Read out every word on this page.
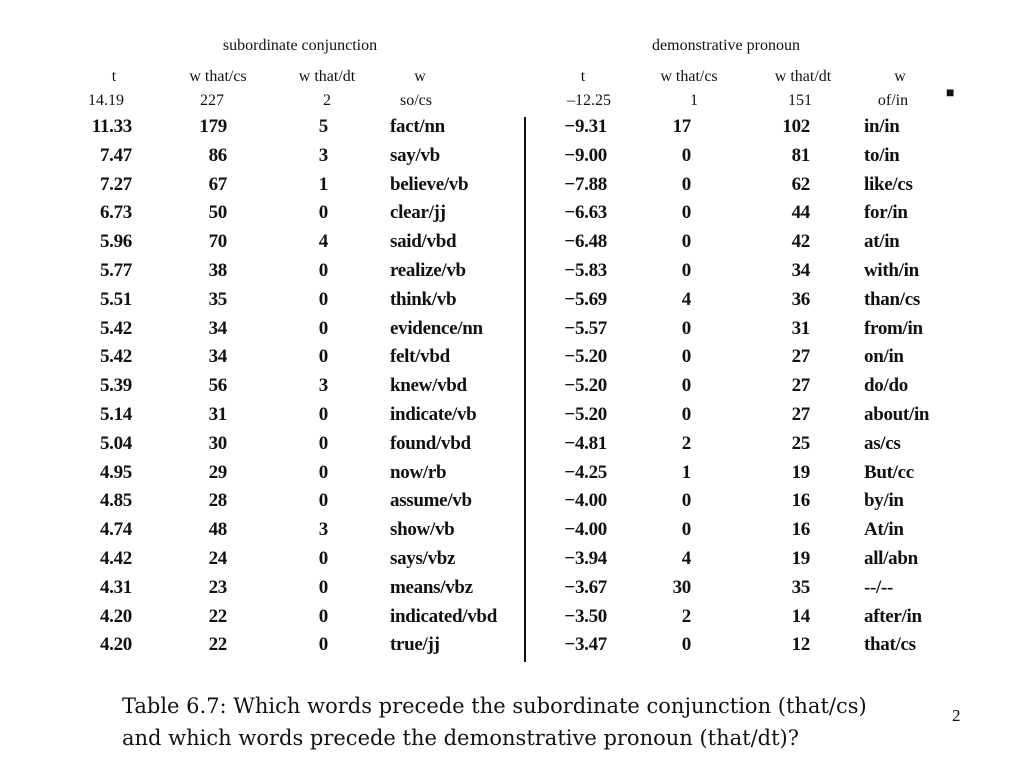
subordinate conjunction	demonstrative pronoun
t	w that/cs	w that/dt	w	t	w that/cs	w that/dt	w
14.19	227	2	so/cs	–12.25	1	151	of/in
11.33	179	5	fact/nn	−9.31	17	102	in/in
7.47	86	3	say/vb	−9.00	0	81	to/in
7.27	67	1	believe/vb	−7.88	0	62	like/cs
6.73	50	0	clear/jj	−6.63	0	44	for/in
5.96	70	4	said/vbd	−6.48	0	42	at/in
5.77	38	0	realize/vb	−5.83	0	34	with/in
5.51	35	0	think/vb	−5.69	4	36	than/cs
5.42	34	0	evidence/nn	−5.57	0	31	from/in
5.42	34	0	felt/vbd	−5.20	0	27	on/in
5.39	56	3	knew/vbd	−5.20	0	27	do/do
5.14	31	0	indicate/vb	−5.20	0	27	about/in
5.04	30	0	found/vbd	−4.81	2	25	as/cs
4.95	29	0	now/rb	−4.25	1	19	But/cc
4.85	28	0	assume/vb	−4.00	0	16	by/in
4.74	48	3	show/vb	−4.00	0	16	At/in
4.42	24	0	says/vbz	−3.94	4	19	all/abn
4.31	23	0	means/vbz	−3.67	30	35	--/--
4.20	22	0	indicated/vbd	−3.50	2	14	after/in
4.20	22	0	true/jj	−3.47	0	12	that/cs
■
Table 6.7: Which words precede the subordinate conjunction (that/cs)
and which words precede the demonstrative pronoun (that/dt)?
2
